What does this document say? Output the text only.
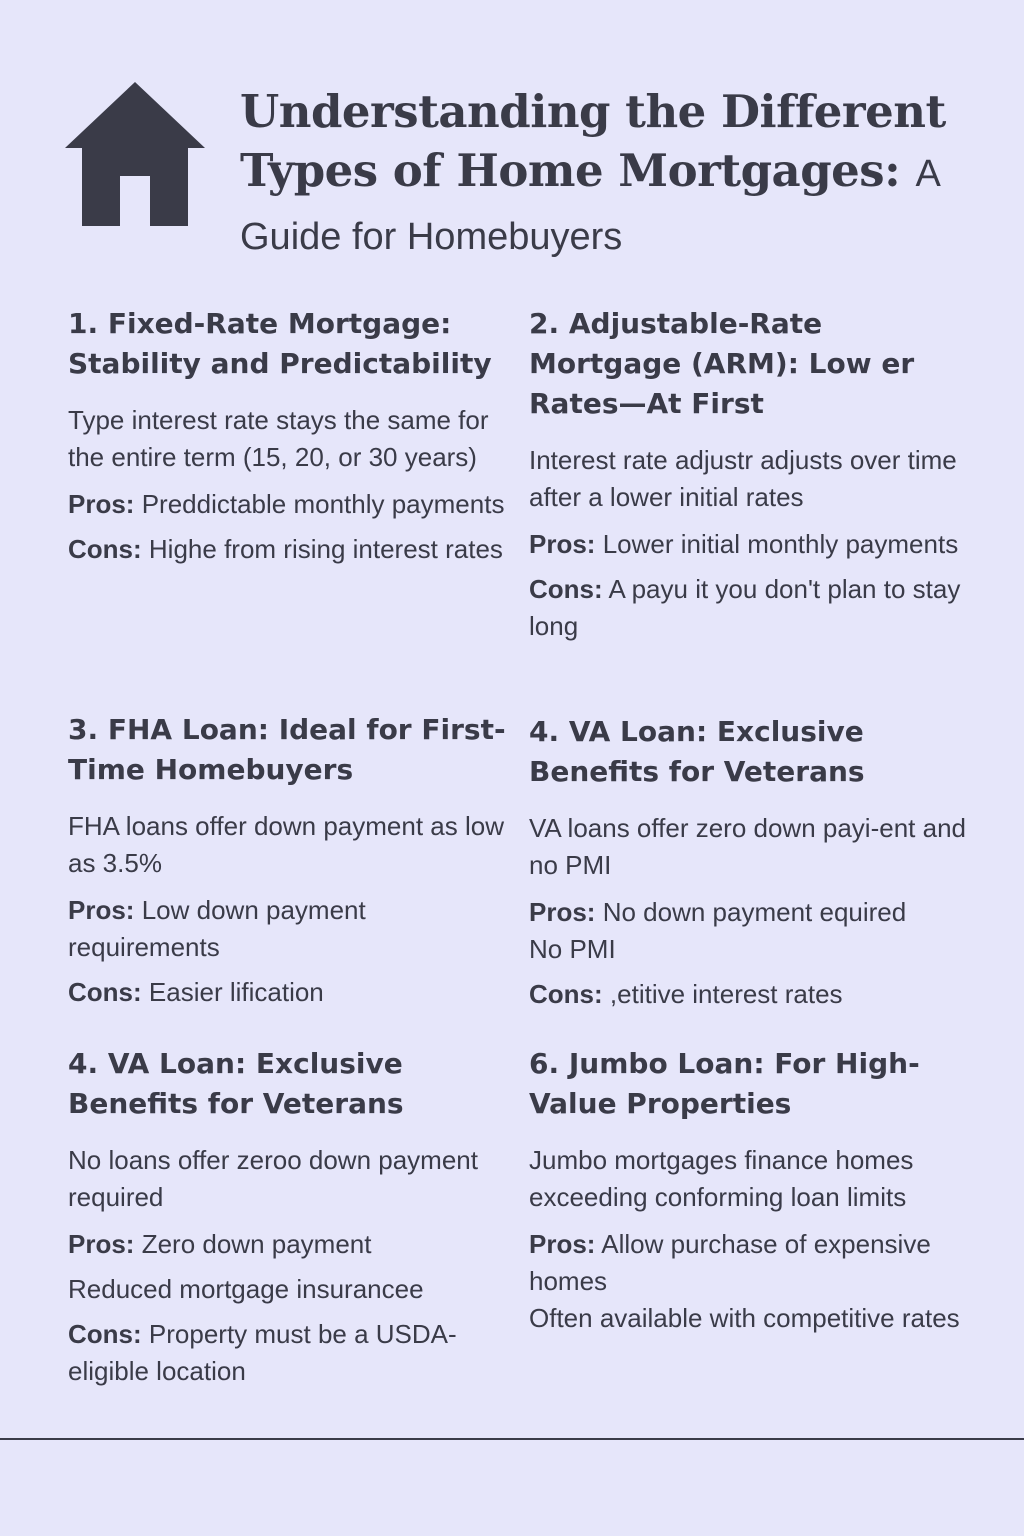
Understanding the Different Types of Home Mortgages: A Guide for Homebuyers
1. Fixed-Rate Mortgage: Stability and Predictability

Type interest rate stays the same for the entire term (15, 20, or 30 years)

Pros: Preddictable monthly payments

Cons: Highe from rising interest rates

2. Adjustable-Rate Mortgage (ARM): Low er Rates—At First

Interest rate adjustr adjusts over time after a lower initial rates

Pros: Lower initial monthly payments

Cons: A payu it you don't plan to stay long

3. FHA Loan: Ideal for First-Time Homebuyers

FHA loans offer down payment as low as 3.5%

Pros: Low down payment requirements

Cons: Easier lification

4. VA Loan: Exclusive Benefits for Veterans

VA loans offer zero down payi-ent and no PMI

Pros: No down payment equired
No PMI

Cons: ,etitive interest rates

4. VA Loan: Exclusive Benefits for Veterans

No loans offer zeroo down payment required

Pros: Zero down payment

Reduced mortgage insurancee

Cons: Property must be a USDA-eligible location

6. Jumbo Loan: For High-Value Properties

Jumbo mortgages finance homes exceeding conforming loan limits

Pros: Allow purchase of expensive homes
Often available with competitive rates
